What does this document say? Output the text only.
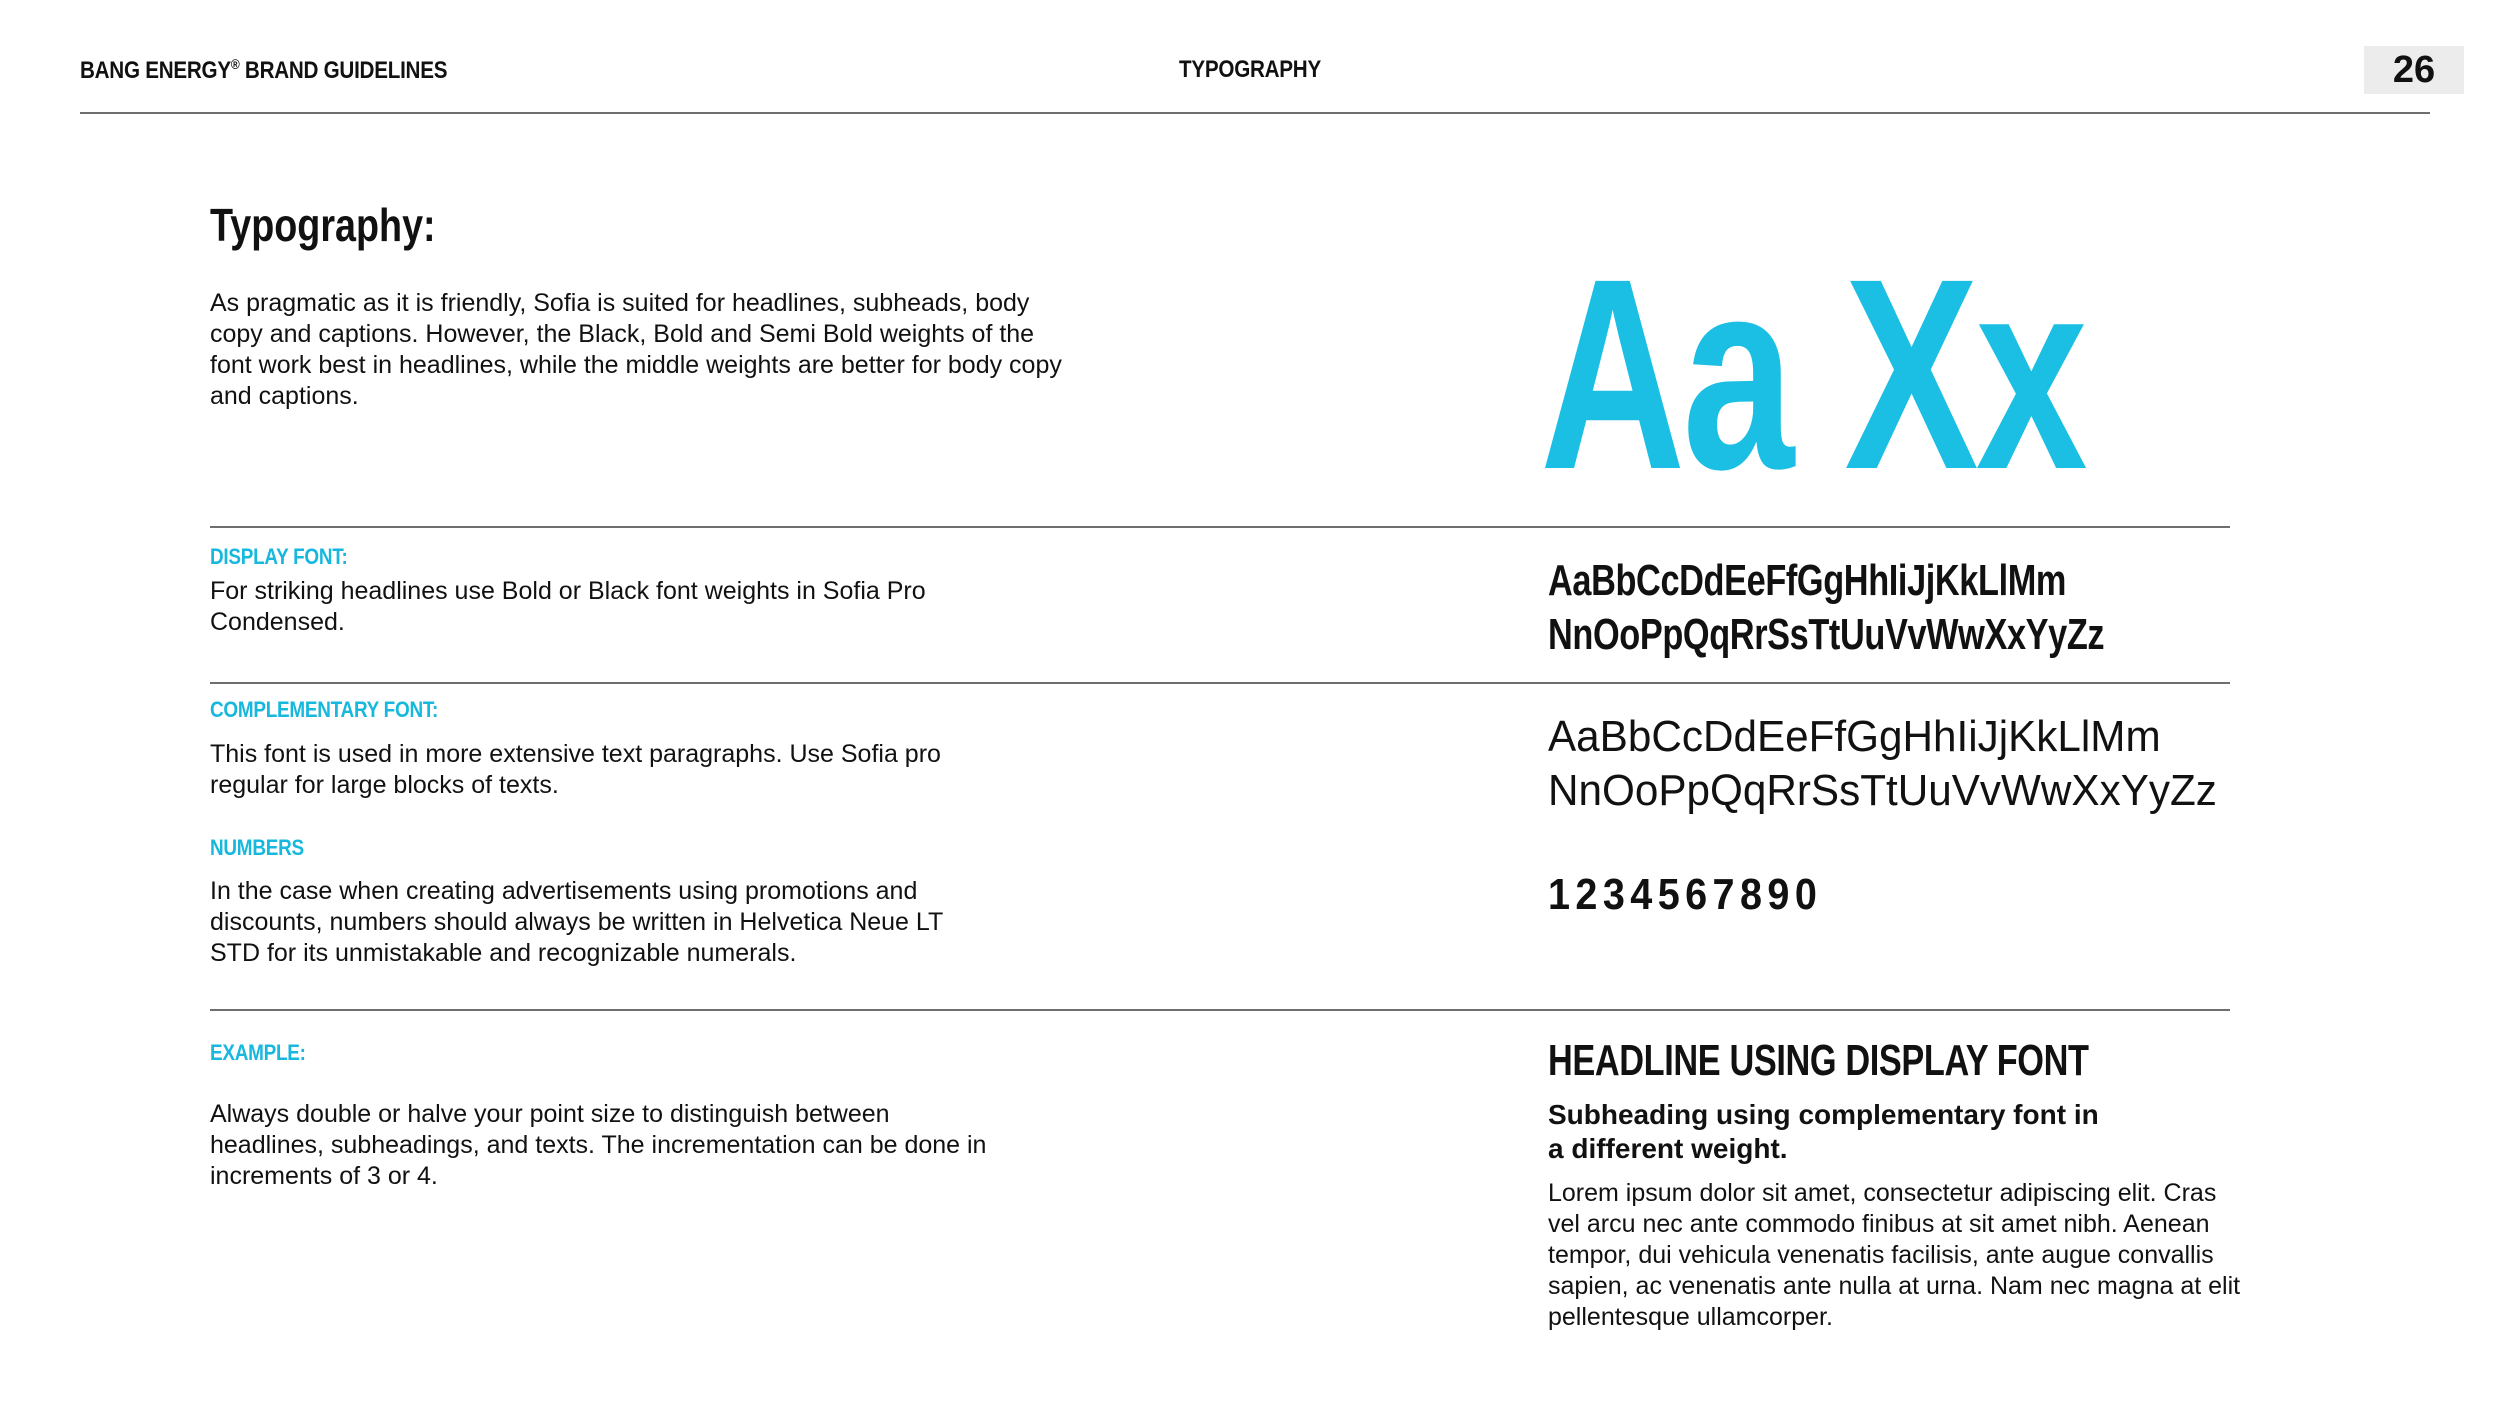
BANG ENERGY® BRAND GUIDELINES	TYPOGRAPHY	26
Typography:
As pragmatic as it is friendly, Sofia is suited for headlines, subheads, body copy and captions. However, the Black, Bold and Semi Bold weights of the font work best in headlines, while the middle weights are better for body copy and captions.	Aa Xx
DISPLAY FONT:
For striking headlines use Bold or Black font weights in Sofia Pro Condensed.
AaBbCcDdEeFfGgHhIiJjKkLlMm
NnOoPpQqRrSsTtUuVvWwXxYyZz
COMPLEMENTARY FONT:
This font is used in more extensive text paragraphs. Use Sofia pro regular for large blocks of texts.
AaBbCcDdEeFfGgHhIiJjKkLlMm
NnOoPpQqRrSsTtUuVvWwXxYyZz
NUMBERS
In the case when creating advertisements using promotions and discounts, numbers should always be written in Helvetica Neue LT STD for its unmistakable and recognizable numerals.
1234567890
EXAMPLE:
Always double or halve your point size to distinguish between headlines, subheadings, and texts. The incrementation can be done in increments of 3 or 4.
HEADLINE USING DISPLAY FONT
Subheading using complementary font in a different weight.
Lorem ipsum dolor sit amet, consectetur adipiscing elit. Cras vel arcu nec ante commodo finibus at sit amet nibh. Aenean tempor, dui vehicula venenatis facilisis, ante augue convallis sapien, ac venenatis ante nulla at urna. Nam nec magna at elit pellentesque ullamcorper.
